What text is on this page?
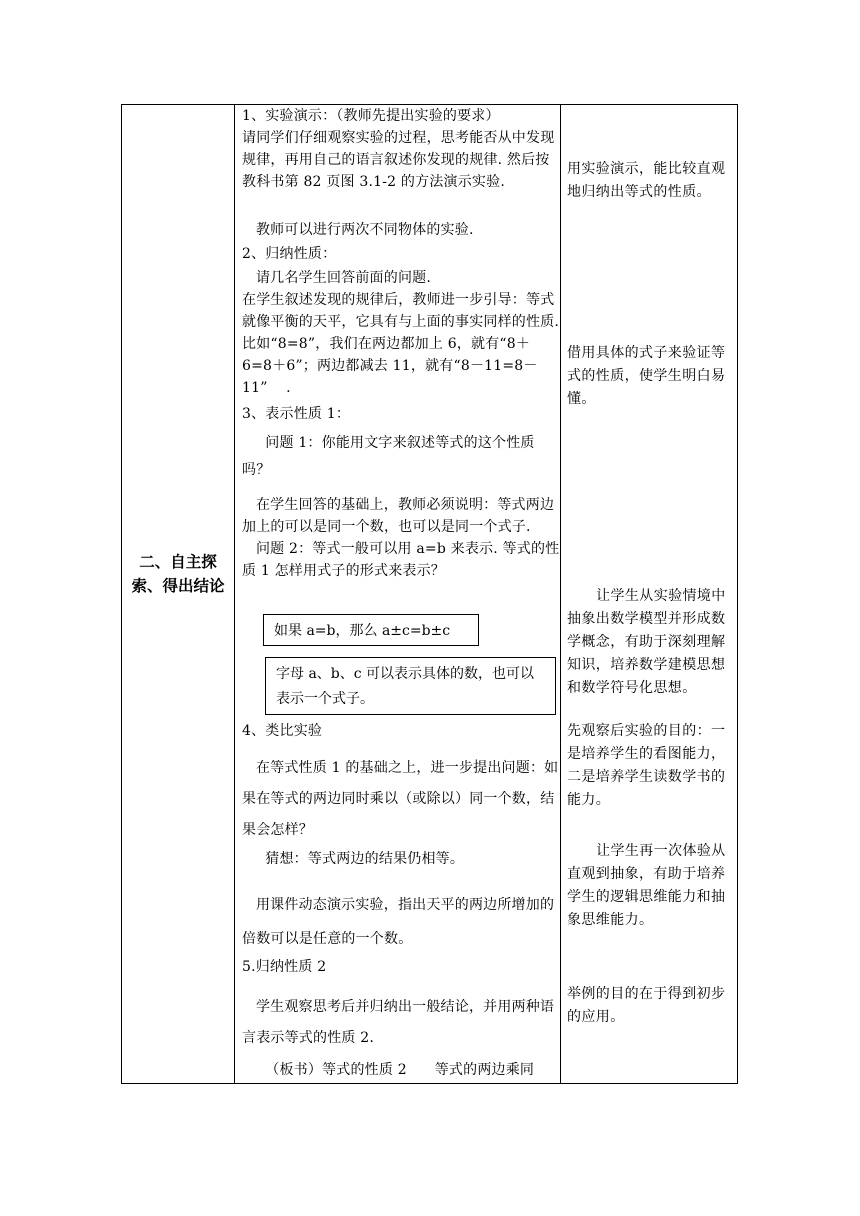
二、自主探
索、得出结论
1、实验演示：（教师先提出实验的要求）
请同学们仔细观察实验的过程，思考能否从中发现规律，再用自己的语言叙述你发现的规律. 然后按教科书第 82 页图 3.1-2 的方法演示实验.
教师可以进行两次不同物体的实验.
2、归纳性质：
请几名学生回答前面的问题.
在学生叙述发现的规律后，教师进一步引导：等式就像平衡的天平，它具有与上面的事实同样的性质. 比如“8=8”，我们在两边都加上 6，就有“8＋6=8＋6”；两边都减去 11，就有“8－11=8－11”    .
3、表示性质 1：
问题 1：你能用文字来叙述等式的这个性质吗？
在学生回答的基础上，教师必须说明：等式两边加上的可以是同一个数，也可以是同一个式子.
问题 2：等式一般可以用 a=b 来表示. 等式的性质 1 怎样用式子的形式来表示？
如果 a=b，那么 a±c=b±c
字母 a、b、c 可以表示具体的数，也可以表示一个式子。
4、类比实验
在等式性质 1 的基础之上，进一步提出问题：如果在等式的两边同时乘以（或除以）同一个数，结果会怎样？
猜想：等式两边的结果仍相等。
用课件动态演示实验，指出天平的两边所增加的倍数可以是任意的一个数。
5.归纳性质 2
学生观察思考后并归纳出一般结论，并用两种语言表示等式的性质 2.
（板书）等式的性质 2      等式的两边乘同
用实验演示，能比较直观地归纳出等式的性质。
借用具体的式子来验证等式的性质，使学生明白易懂。
让学生从实验情境中抽象出数学模型并形成数学概念，有助于深刻理解知识，培养数学建模思想和数学符号化思想。
先观察后实验的目的：一是培养学生的看图能力，二是培养学生读数学书的能力。
让学生再一次体验从直观到抽象，有助于培养学生的逻辑思维能力和抽象思维能力。
举例的目的在于得到初步的应用。
